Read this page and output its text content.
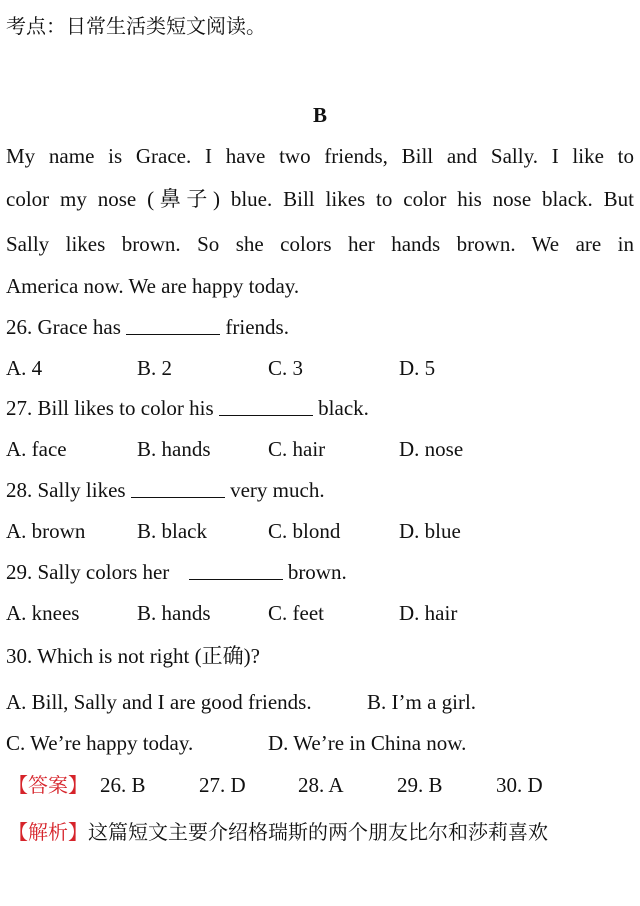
考点：日常生活类短文阅读。
B
My name is Grace. I have two friends, Bill and Sally. I like to
color my nose (鼻子) blue. Bill likes to color his nose black. But
Sally likes brown. So she colors her hands brown. We are in
America now. We are happy today.
26. Grace has	friends.
A. 4	B. 2	C. 3	D. 5
27. Bill likes to color his	black.
A. face	B. hands	C. hair	D. nose
28. Sally likes	very much.
A. brown B. black	C. blond	D. blue
29. Sally colors her	brown.
A. knees	B. hands	C. feet	D. hair
30. Which is not right (正确)?
A. Bill, Sally and I are good friends.	B. I’m a girl.
C. We’re happy today.	D. We’re in China now.
【答案】 26. B	27. D 28. A	29. B	30. D
【解析】这篇短文主要介绍格瑞斯的两个朋友比尔和莎莉喜欢
